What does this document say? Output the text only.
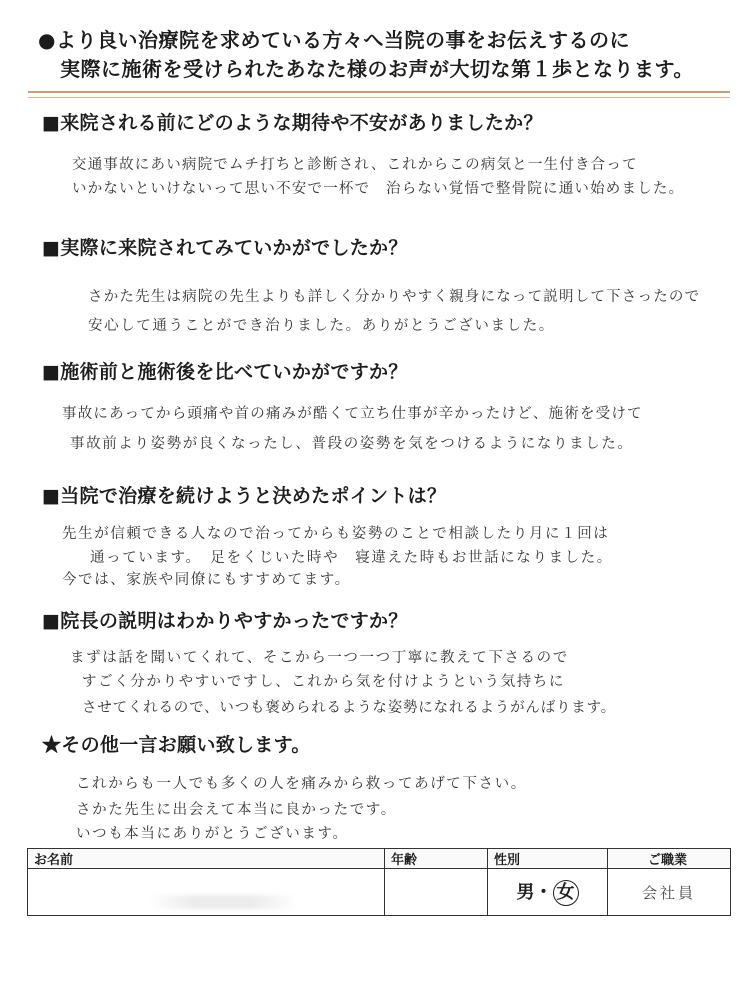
●より良い治療院を求めている方々へ当院の事をお伝えするのに
実際に施術を受けられたあなた様のお声が大切な第１歩となります。
■来院される前にどのような期待や不安がありましたか？
交通事故にあい病院でムチ打ちと診断され、これからこの病気と一生付き合って
いかないといけないって思い不安で一杯で　治らない覚悟で整骨院に通い始めました。
■実際に来院されてみていかがでしたか？
さかた先生は病院の先生よりも詳しく分かりやすく親身になって説明して下さったので
安心して通うことができ治りました。ありがとうございました。
■施術前と施術後を比べていかがですか？
事故にあってから頭痛や首の痛みが酷くて立ち仕事が辛かったけど、施術を受けて
事故前より姿勢が良くなったし、普段の姿勢を気をつけるようになりました。
■当院で治療を続けようと決めたポイントは？
先生が信頼できる人なので治ってからも姿勢のことで相談したり月に１回は
通っています。　足をくじいた時や　寝違えた時もお世話になりました。
今では、家族や同僚にもすすめてます。
■院長の説明はわかりやすかったですか？
まずは話を聞いてくれて、そこから一つ一つ丁寧に教えて下さるので
すごく分かりやすいですし、これから気を付けようという気持ちに
させてくれるので、いつも褒められるような姿勢になれるようがんばります。
★その他一言お願い致します。
これからも一人でも多くの人を痛みから救ってあげて下さい。
さかた先生に出会えて本当に良かったです。
いつも本当にありがとうございます。
お名前	年齢	性別	ご職業

		男・ 女	会社員
